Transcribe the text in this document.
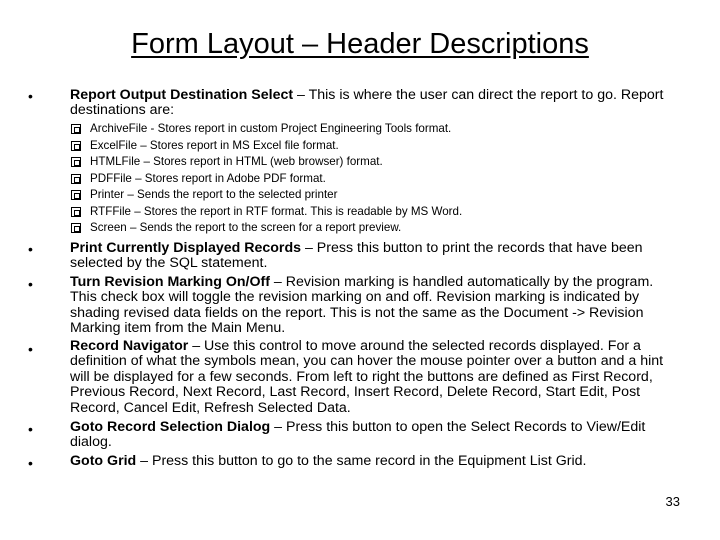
Form Layout – Header Descriptions
•	Report Output Destination Select – This is where the user can direct the report to go. Report destinations are:
ArchiveFile - Stores report in custom Project Engineering Tools format.
ExcelFile – Stores report in MS Excel file format.
HTMLFile – Stores report in HTML (web browser) format.
PDFFile – Stores report in Adobe PDF format.
Printer – Sends the report to the selected printer
RTFFile – Stores the report in RTF format. This is readable by MS Word.
Screen – Sends the report to the screen for a report preview.
•	Print Currently Displayed Records – Press this button to print the records that have been selected by the SQL statement.
•	Turn Revision Marking On/Off – Revision marking is handled automatically by the program. This check box will toggle the revision marking on and off. Revision marking is indicated by shading revised data fields on the report. This is not the same as the Document -> Revision Marking item from the Main Menu.
•	Record Navigator – Use this control to move around the selected records displayed. For a definition of what the symbols mean, you can hover the mouse pointer over a button and a hint will be displayed for a few seconds. From left to right the buttons are defined as First Record, Previous Record, Next Record, Last Record, Insert Record, Delete Record, Start Edit, Post Record, Cancel Edit, Refresh Selected Data.
•	Goto Record Selection Dialog – Press this button to open the Select Records to View/Edit dialog.
•	Goto Grid – Press this button to go to the same record in the Equipment List Grid.
33
